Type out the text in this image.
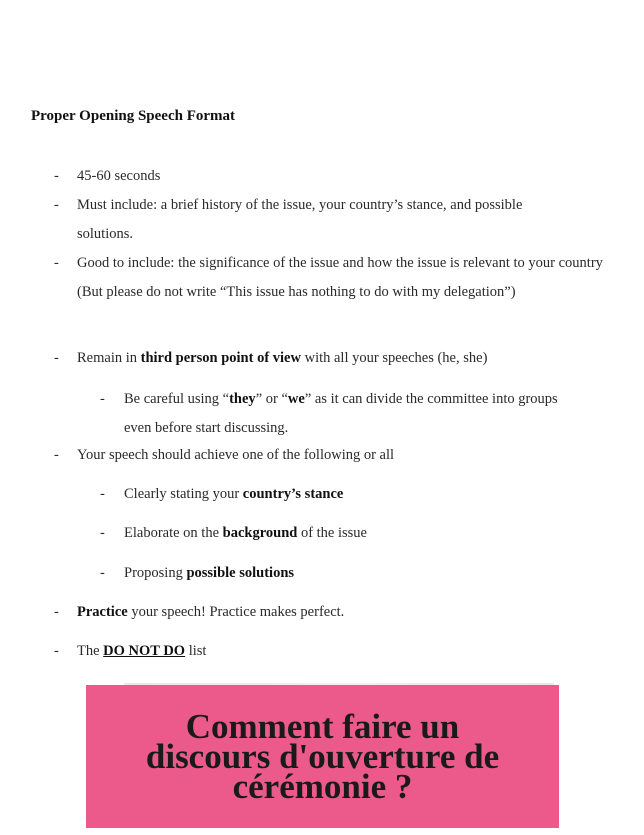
Proper Opening Speech Format
- 45-60 seconds
- Must include: a brief history of the issue, your country’s stance, and possible solutions.
- Good to include: the significance of the issue and how the issue is relevant to your country (But please do not write “This issue has nothing to do with my delegation”)
- Remain in third person point of view with all your speeches (he, she)
- Be careful using “they” or “we” as it can divide the committee into groups even before start discussing.
- Your speech should achieve one of the following or all
- Clearly stating your country’s stance
- Elaborate on the background of the issue
- Proposing possible solutions
- Practice your speech! Practice makes perfect.
- The DO NOT DO list
Comment faire un discours d'ouverture de cérémonie ?
